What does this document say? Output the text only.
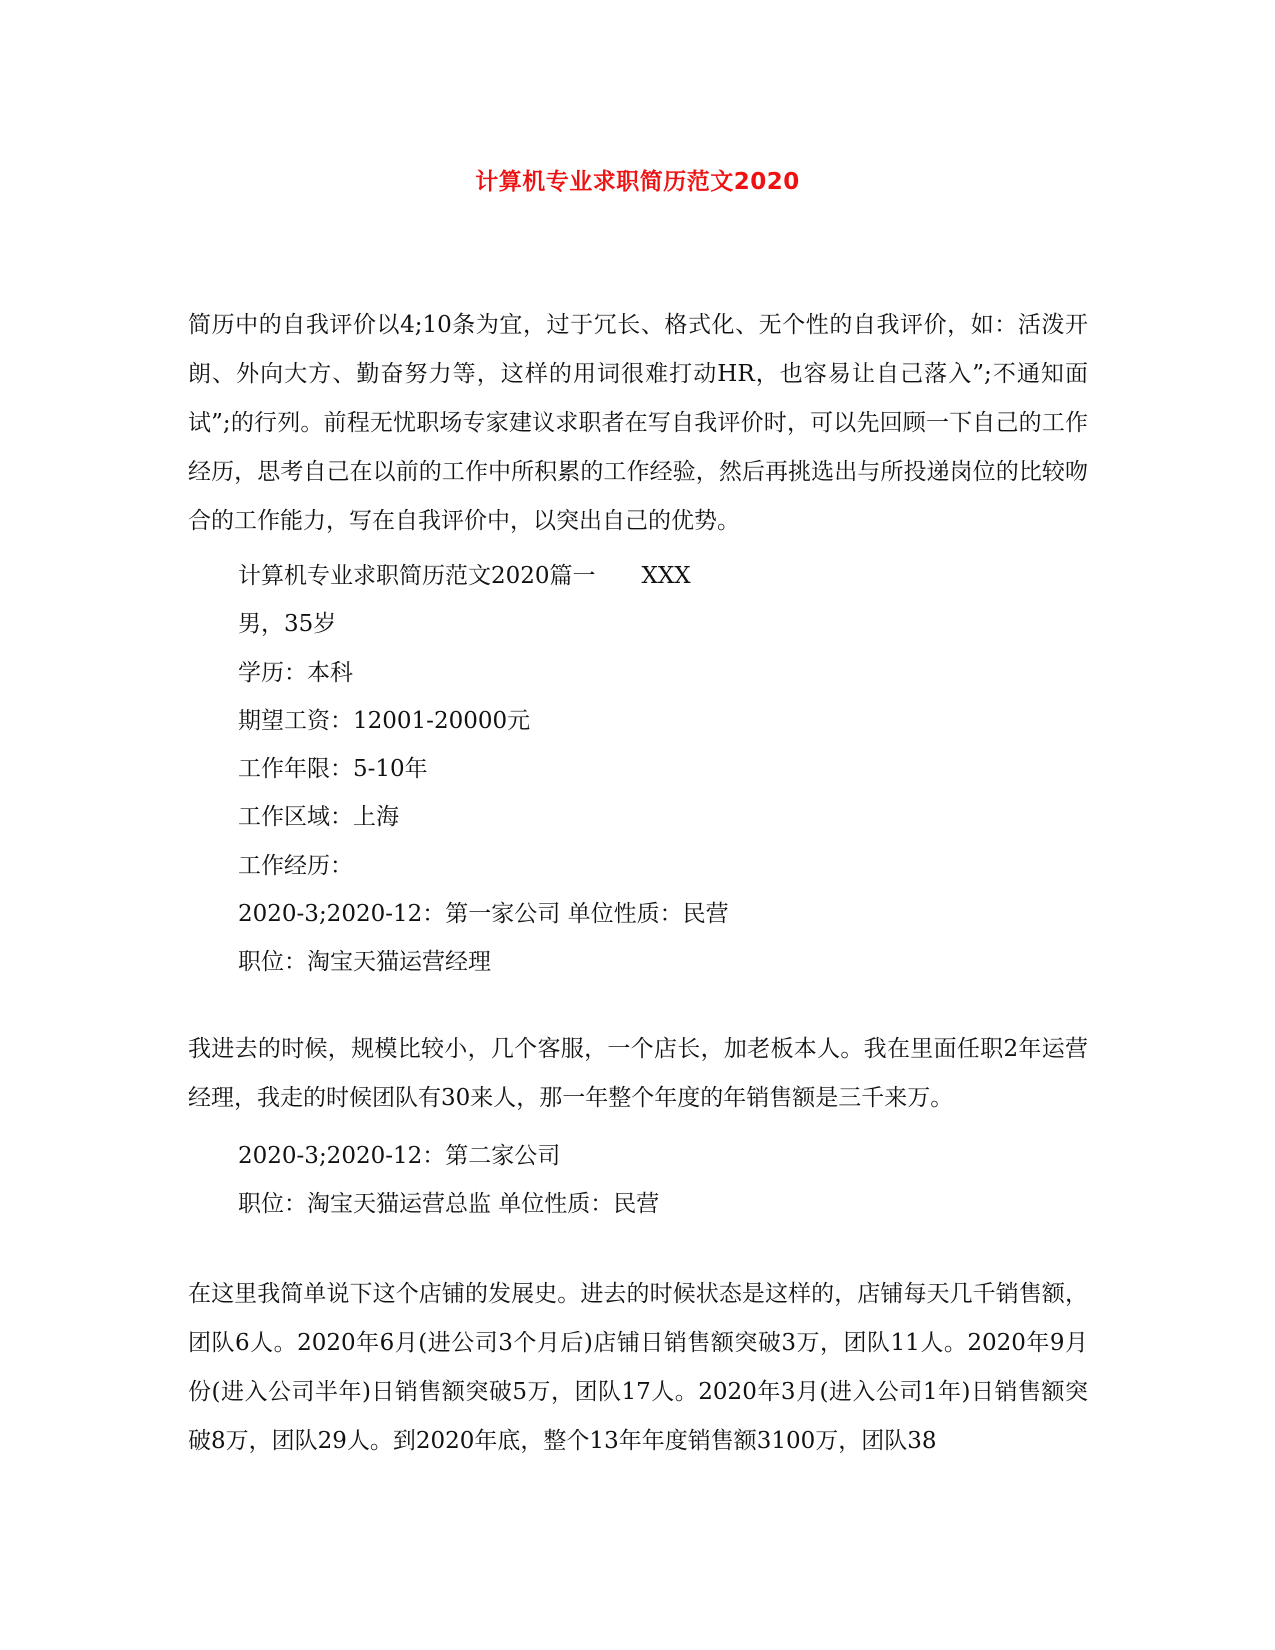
计算机专业求职简历范文2020
简历中的自我评价以4;10条为宜，过于冗长、格式化、无个性的自我评价，如：活泼开朗、外向大方、勤奋努力等，这样的用词很难打动HR，也容易让自己落入”;不通知面试”;的行列。前程无忧职场专家建议求职者在写自我评价时，可以先回顾一下自己的工作经历，思考自己在以前的工作中所积累的工作经验，然后再挑选出与所投递岗位的比较吻合的工作能力，写在自我评价中，以突出自己的优势。
计算机专业求职简历范文2020篇一 XXX
男，35岁
学历：本科
期望工资：12001-20000元
工作年限：5-10年
工作区域：上海
工作经历：
2020-3;2020-12：第一家公司 单位性质：民营
职位：淘宝天猫运营经理
我进去的时候，规模比较小，几个客服，一个店长，加老板本人。我在里面任职2年运营经理，我走的时候团队有30来人，那一年整个年度的年销售额是三千来万。
2020-3;2020-12：第二家公司
职位：淘宝天猫运营总监 单位性质：民营
在这里我简单说下这个店铺的发展史。进去的时候状态是这样的，店铺每天几千销售额，团队6人。2020年6月(进公司3个月后)店铺日销售额突破3万，团队11人。2020年9月份(进入公司半年)日销售额突破5万，团队17人。2020年3月(进入公司1年)日销售额突破8万，团队29人。到2020年底，整个13年年度销售额3100万，团队38
